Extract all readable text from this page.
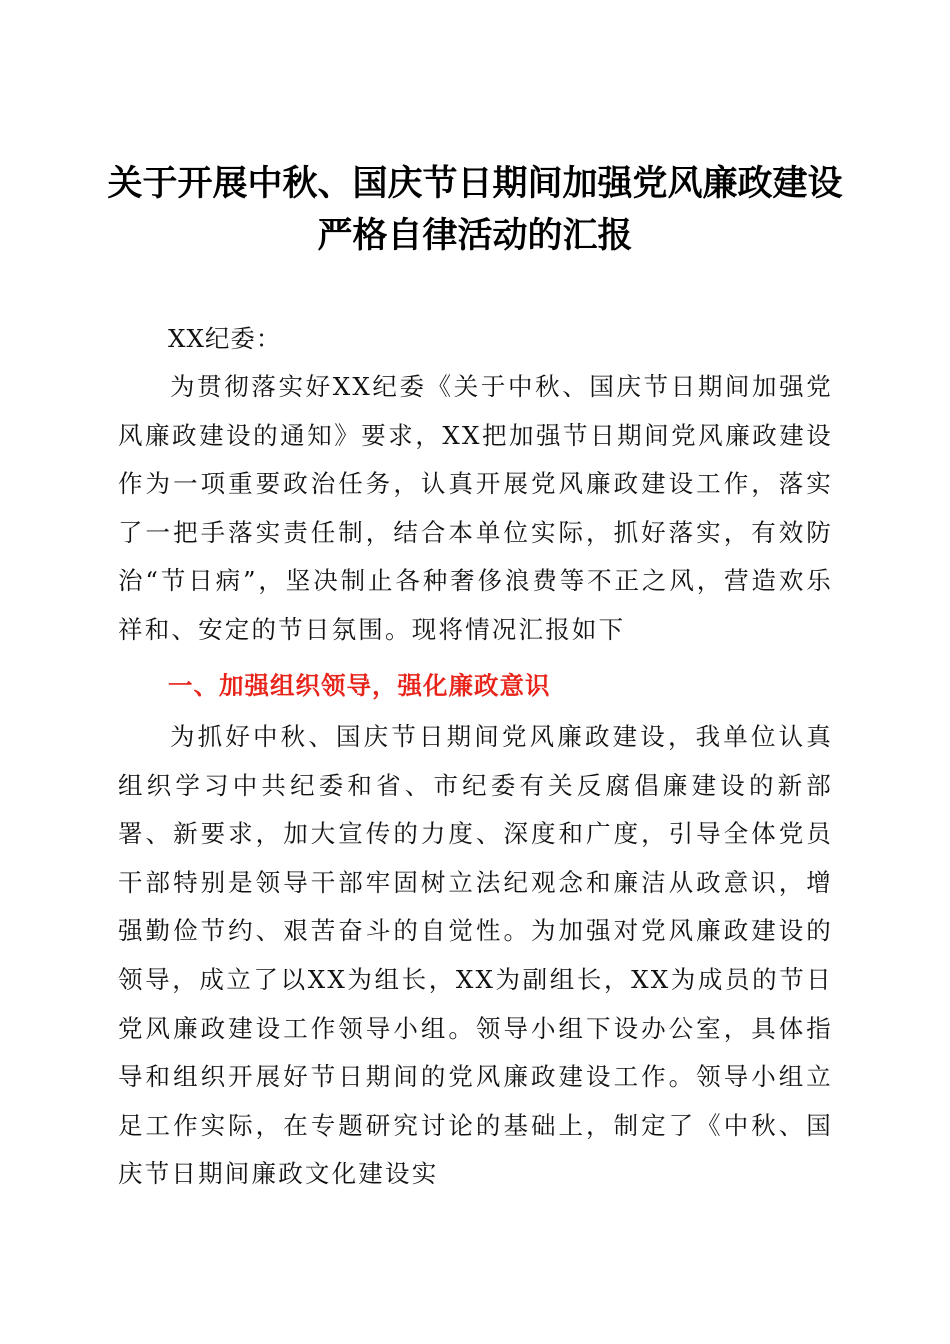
关于开展中秋、国庆节日期间加强党风廉政建设严格自律活动的汇报

XX纪委：

为贯彻落实好XX纪委《关于中秋、国庆节日期间加强党风廉政建设的通知》要求，XX把加强节日期间党风廉政建设作为一项重要政治任务，认真开展党风廉政建设工作，落实了一把手落实责任制，结合本单位实际，抓好落实，有效防治“节日病”，坚决制止各种奢侈浪费等不正之风，营造欢乐祥和、安定的节日氛围。现将情况汇报如下

一、加强组织领导，强化廉政意识

为抓好中秋、国庆节日期间党风廉政建设，我单位认真组织学习中共纪委和省、市纪委有关反腐倡廉建设的新部署、新要求，加大宣传的力度、深度和广度，引导全体党员干部特别是领导干部牢固树立法纪观念和廉洁从政意识，增强勤俭节约、艰苦奋斗的自觉性。为加强对党风廉政建设的领导，成立了以XX为组长，XX为副组长，XX为成员的节日党风廉政建设工作领导小组。领导小组下设办公室，具体指导和组织开展好节日期间的党风廉政建设工作。领导小组立足工作实际，在专题研究讨论的基础上，制定了《中秋、国庆节日期间廉政文化建设实
